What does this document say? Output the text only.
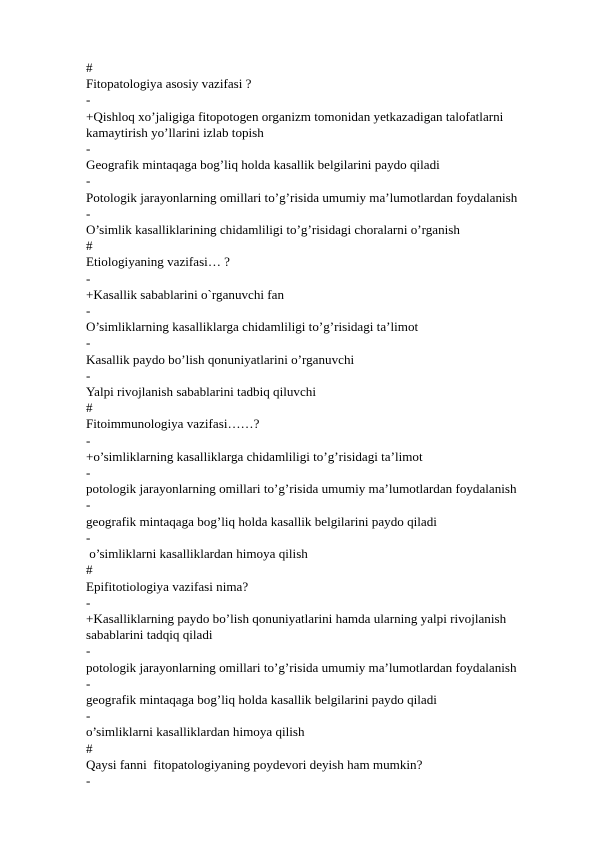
#
Fitopatologiya asosiy vazifasi ?
-
+Qishloq xo’jaligiga fitopotogen organizm tomonidan yetkazadigan talofatlarni kamaytirish yo’llarini izlab topish
-
Geografik mintaqaga bog’liq holda kasallik belgilarini paydo qiladi
-
Potologik jarayonlarning omillari to’g’risida umumiy ma’lumotlardan foydalanish
-
O’simlik kasalliklarining chidamliligi to’g’risidagi choralarni o’rganish
#
Etiologiyaning vazifasi… ?
-
+Kasallik sabablarini o`rganuvchi fan
-
O’simliklarning kasalliklarga chidamliligi to’g’risidagi ta’limot
-
Kasallik paydo bo’lish qonuniyatlarini o’rganuvchi
-
Yalpi rivojlanish sabablarini tadbiq qiluvchi
#
Fitoimmunologiya vazifasi……?
-
+o’simliklarning kasalliklarga chidamliligi to’g’risidagi ta’limot
-
potologik jarayonlarning omillari to’g’risida umumiy ma’lumotlardan foydalanish
-
geografik mintaqaga bog’liq holda kasallik belgilarini paydo qiladi
-
o’simliklarni kasalliklardan himoya qilish
#
Epifitotiologiya vazifasi nima?
-
+Kasalliklarning paydo bo’lish qonuniyatlarini hamda ularning yalpi rivojlanish sabablarini tadqiq qiladi
-
potologik jarayonlarning omillari to’g’risida umumiy ma’lumotlardan foydalanish
-
geografik mintaqaga bog’liq holda kasallik belgilarini paydo qiladi
-
o’simliklarni kasalliklardan himoya qilish
#
Qaysi fanni  fitopatologiyaning poydevori deyish ham mumkin?
-
